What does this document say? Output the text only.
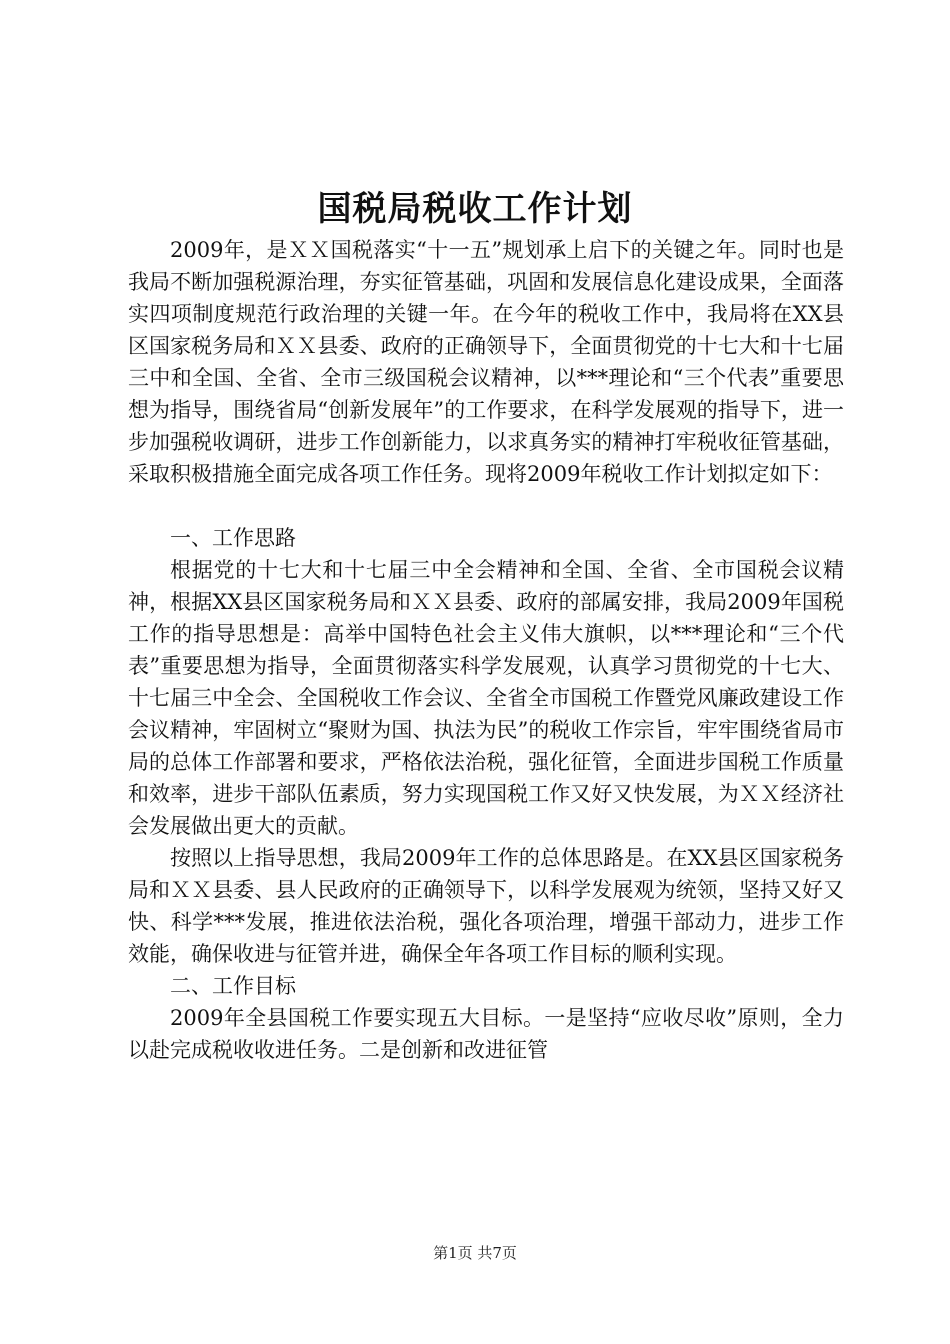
国税局税收工作计划

2009年，是ＸＸ国税落实“十一五”规划承上启下的关键之年。同时也是我局不断加强税源治理，夯实征管基础，巩固和发展信息化建设成果，全面落实四项制度规范行政治理的关键一年。在今年的税收工作中，我局将在XX县区国家税务局和ＸＸ县委、政府的正确领导下，全面贯彻党的十七大和十七届三中和全国、全省、全市三级国税会议精神，以***理论和“三个代表”重要思想为指导，围绕省局“创新发展年”的工作要求，在科学发展观的指导下，进一步加强税收调研，进步工作创新能力，以求真务实的精神打牢税收征管基础，采取积极措施全面完成各项工作任务。现将2009年税收工作计划拟定如下：

一、工作思路

根据党的十七大和十七届三中全会精神和全国、全省、全市国税会议精神，根据XX县区国家税务局和ＸＸ县委、政府的部属安排，我局2009年国税工作的指导思想是：高举中国特色社会主义伟大旗帜，以***理论和“三个代表”重要思想为指导，全面贯彻落实科学发展观，认真学习贯彻党的十七大、十七届三中全会、全国税收工作会议、全省全市国税工作暨党风廉政建设工作会议精神，牢固树立“聚财为国、执法为民”的税收工作宗旨，牢牢围绕省局市局的总体工作部署和要求，严格依法治税，强化征管，全面进步国税工作质量和效率，进步干部队伍素质，努力实现国税工作又好又快发展，为ＸＸ经济社会发展做出更大的贡献。

按照以上指导思想，我局2009年工作的总体思路是。在XX县区国家税务局和ＸＸ县委、县人民政府的正确领导下，以科学发展观为统领，坚持又好又快、科学***发展，推进依法治税，强化各项治理，增强干部动力，进步工作效能，确保收进与征管并进，确保全年各项工作目标的顺利实现。

二、工作目标

2009年全县国税工作要实现五大目标。一是坚持“应收尽收”原则，全力以赴完成税收收进任务。二是创新和改进征管

第1页 共7页
